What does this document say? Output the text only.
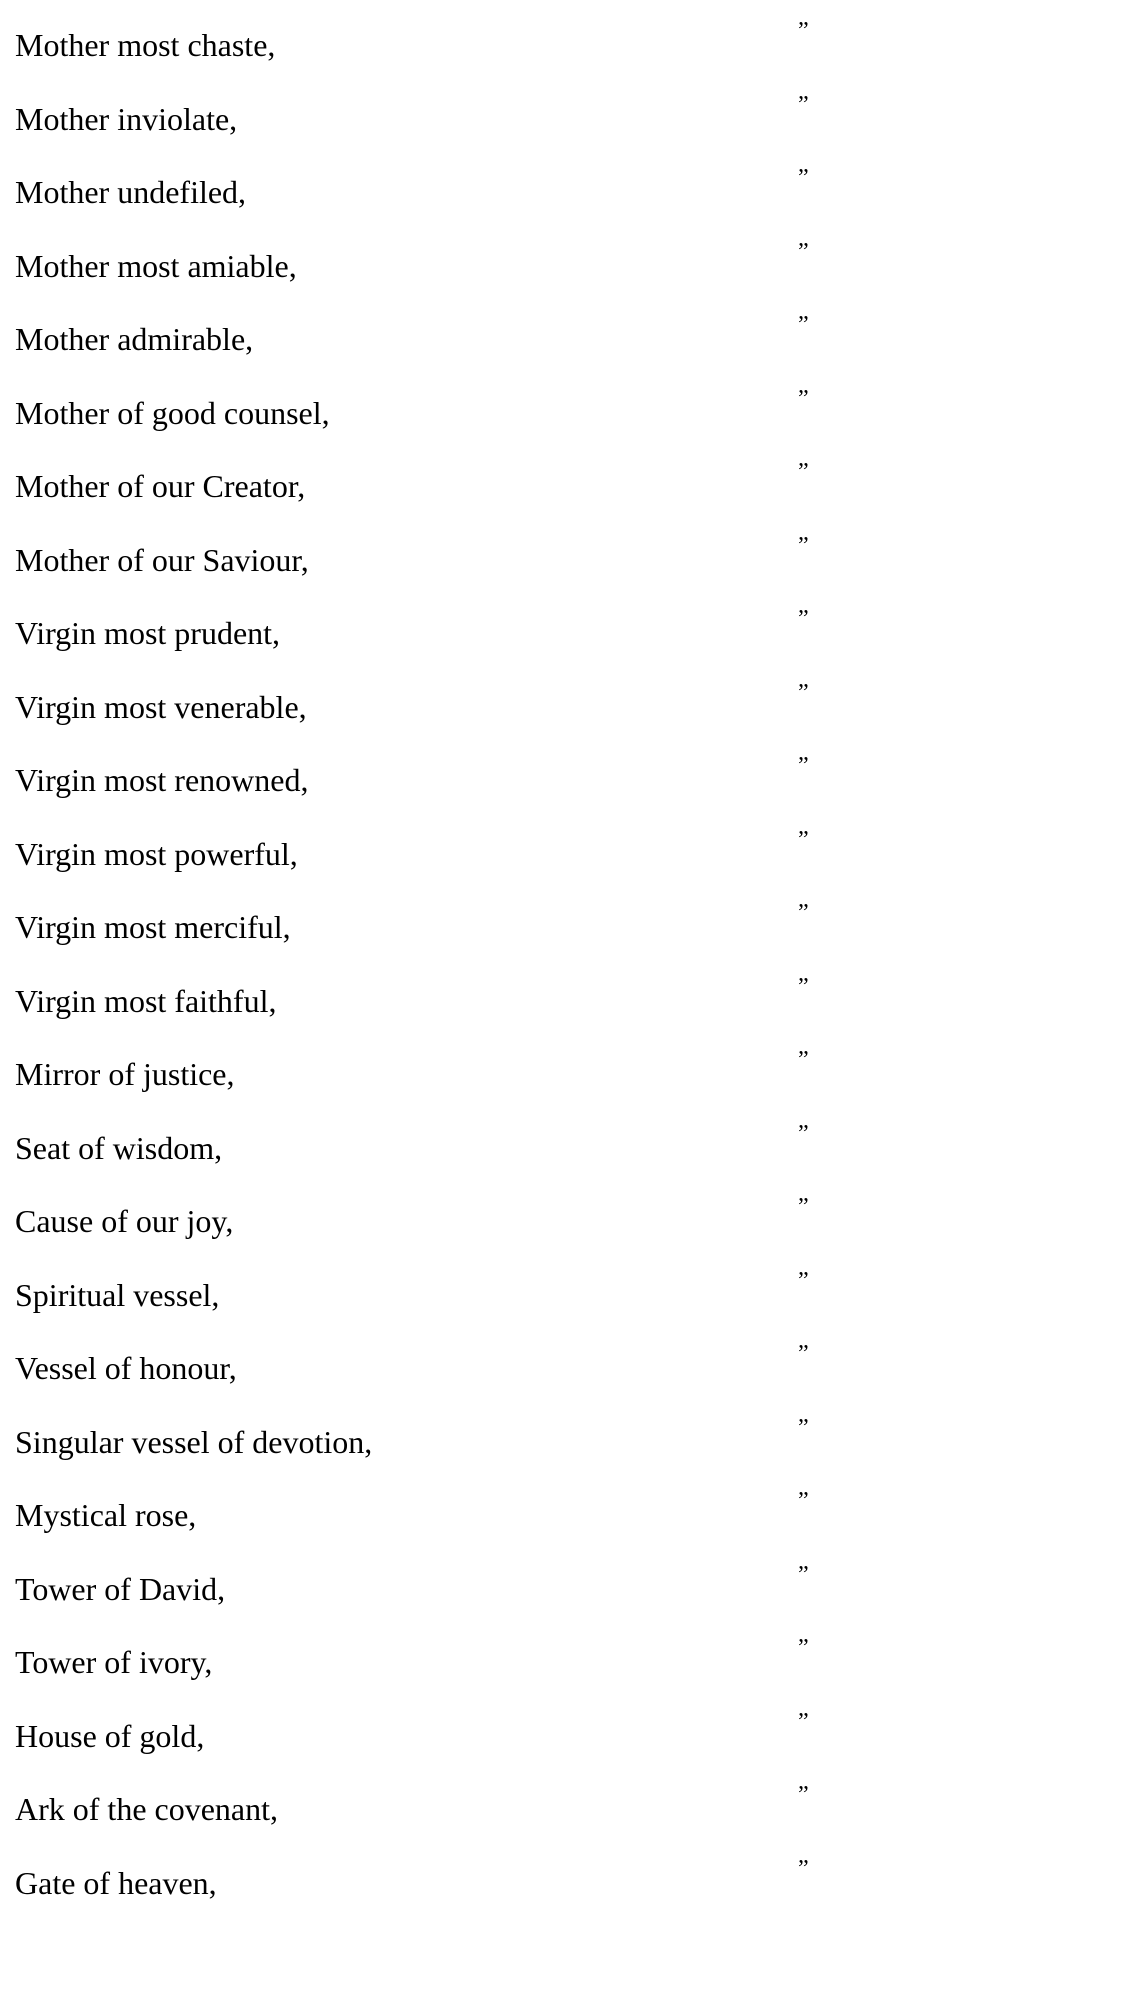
Mother most chaste,	”
Mother inviolate,	”
Mother undefiled,	”
Mother most amiable,	”
Mother admirable,	”
Mother of good counsel,	”
Mother of our Creator,	”
Mother of our Saviour,	”
Virgin most prudent,	”
Virgin most venerable,	”
Virgin most renowned,	”
Virgin most powerful,	”
Virgin most merciful,	”
Virgin most faithful,	”
Mirror of justice,	”
Seat of wisdom,	”
Cause of our joy,	”
Spiritual vessel,	”
Vessel of honour,	”
Singular vessel of devotion,	”
Mystical rose,	”
Tower of David,	”
Tower of ivory,	”
House of gold,	”
Ark of the covenant,	”
Gate of heaven,	”
